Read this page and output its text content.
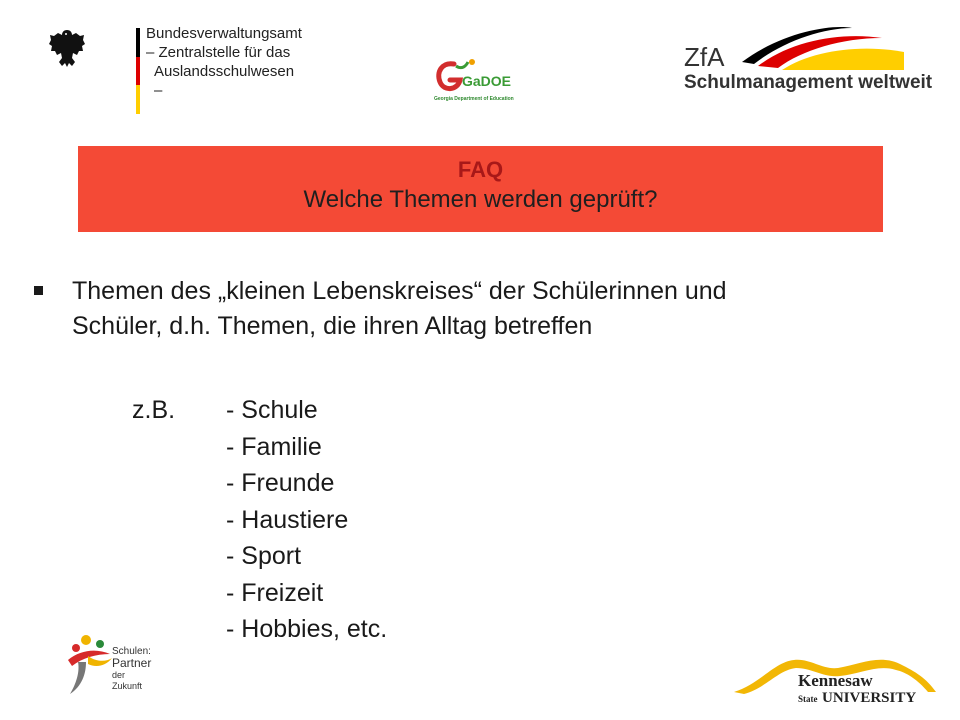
Bundesverwaltungsamt
– Zentralstelle für das
Auslandsschulwesen –
GaDOE
Georgia Department of Education
ZfA
Schulmanagement weltweit
FAQ
Welche Themen werden geprüft?
Themen des „kleinen Lebenskreises“ der Schülerinnen und
Schüler, d.h. Themen, die ihren Alltag betreffen
z.B. - Schule
- Familie
- Freunde
- Haustiere
- Sport
- Freizeit
- Hobbies, etc.
Schulen:
Partner
der Zukunft	Kennesaw
State UNIVERSITY
